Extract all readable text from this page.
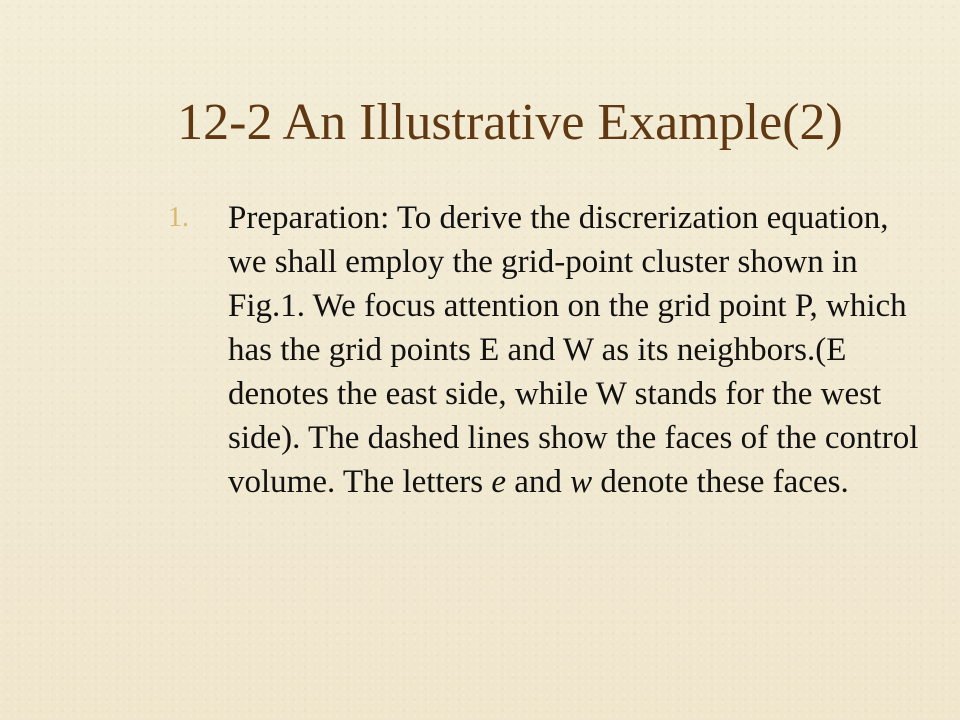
12-2 An Illustrative Example(2)
1.	Preparation: To derive the discrerization equation, we shall employ the grid-point cluster shown in Fig.1. We focus attention on the grid point P, which has the grid points E and W as its neighbors.(E denotes the east side, while W stands for the west side). The dashed lines show the faces of the control volume. The letters e and w denote these faces.
